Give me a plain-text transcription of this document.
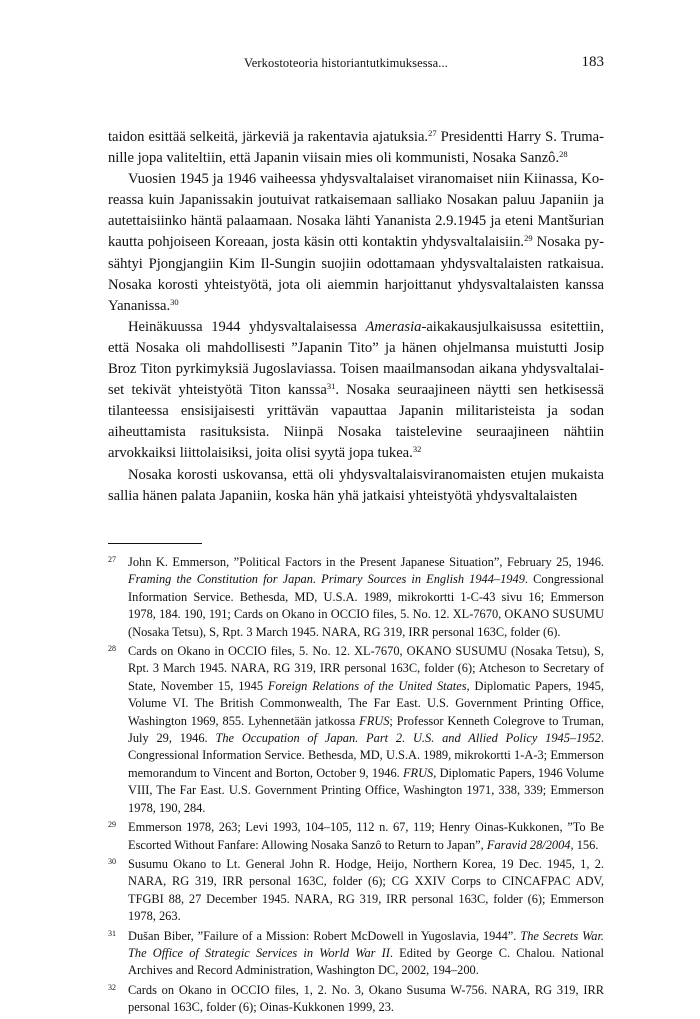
Verkostoteoria historiantutkimuksessa...	183

taidon esittää selkeitä, järkeviä ja rakentavia ajatuksia.$^{27}$ Presidentti Harry S. Trumanille jopa valiteltiin, että Japanin viisain mies oli kommunisti, Nosaka Sanzô.$^{28}$

Vuosien 1945 ja 1946 vaiheessa yhdysvaltalaiset viranomaiset niin Kiinassa, Koreassa kuin Japanissakin joutuivat ratkaisemaan salliako Nosakan paluu Japaniin ja autettaisiinko häntä palaamaan. Nosaka lähti Yananista 2.9.1945 ja eteni Mantšurian kautta pohjoiseen Koreaan, josta käsin otti kontaktin yhdysvaltalaisiin.$^{29}$ Nosaka pysähtyi Pjongjangiin Kim Il-Sungin suojiin odottamaan yhdysvaltalaisten ratkaisua. Nosaka korosti yhteistyötä, jota oli aiemmin harjoittanut yhdysvaltalaisten kanssa Yananissa.$^{30}$

Heinäkuussa 1944 yhdysvaltalaisessa Amerasia-aikakausjulkaisussa esitettiin, että Nosaka oli mahdollisesti ”Japanin Tito” ja hänen ohjelmansa muistutti Josip Broz Titon pyrkimyksiä Jugoslaviassa. Toisen maailmansodan aikana yhdysvaltalaiset tekivät yhteistyötä Titon kanssa$^{31}$. Nosaka seuraajineen näytti sen hetkisessä tilanteessa ensisijaisesti yrittävän vapauttaa Japanin militaristeista ja sodan aiheuttamista rasituksista. Niinpä Nosaka taistelevine seuraajineen nähtiin arvokkaiksi liittolaisiksi, joita olisi syytä jopa tukea.$^{32}$

Nosaka korosti uskovansa, että oli yhdysvaltalaisviranomaisten etujen mukaista sallia hänen palata Japaniin, koska hän yhä jatkaisi yhteistyötä yhdysvaltalaisten

27 John K. Emmerson, ”Political Factors in the Present Japanese Situation”, February 25, 1946. Framing the Constitution for Japan. Primary Sources in English 1944–1949. Congressional Information Service. Bethesda, MD, U.S.A. 1989, mikrokortti 1-C-43 sivu 16; Emmerson 1978, 184. 190, 191; Cards on Okano in OCCIO files, 5. No. 12. XL-7670, OKANO SUSUMU (Nosaka Tetsu), S, Rpt. 3 March 1945. NARA, RG 319, IRR personal 163C, folder (6).
28 Cards on Okano in OCCIO files, 5. No. 12. XL-7670, OKANO SUSUMU (Nosaka Tetsu), S, Rpt. 3 March 1945. NARA, RG 319, IRR personal 163C, folder (6); Atcheson to Secretary of State, November 15, 1945 Foreign Relations of the United States, Diplomatic Papers, 1945, Volume VI. The British Commonwealth, The Far East. U.S. Government Printing Office, Washington 1969, 855. Lyhennetään jatkossa FRUS; Professor Kenneth Colegrove to Truman, July 29, 1946. The Occupation of Japan. Part 2. U.S. and Allied Policy 1945–1952. Congressional Information Service. Bethesda, MD, U.S.A. 1989, mikrokortti 1-A-3; Emmerson memorandum to Vincent and Borton, October 9, 1946. FRUS, Diplomatic Papers, 1946 Volume VIII, The Far East. U.S. Government Printing Office, Washington 1971, 338, 339; Emmerson 1978, 190, 284.
29 Emmerson 1978, 263; Levi 1993, 104–105, 112 n. 67, 119; Henry Oinas-Kukkonen, ”To Be Escorted Without Fanfare: Allowing Nosaka Sanzô to Return to Japan”, Faravid 28/2004, 156.
30 Susumu Okano to Lt. General John R. Hodge, Heijo, Northern Korea, 19 Dec. 1945, 1, 2. NARA, RG 319, IRR personal 163C, folder (6); CG XXIV Corps to CINCAFPAC ADV, TFGBI 88, 27 December 1945. NARA, RG 319, IRR personal 163C, folder (6); Emmerson 1978, 263.
31 Dušan Biber, ”Failure of a Mission: Robert McDowell in Yugoslavia, 1944”. The Secrets War. The Office of Strategic Services in World War II. Edited by George C. Chalou. National Archives and Record Administration, Washington DC, 2002, 194–200.
32 Cards on Okano in OCCIO files, 1, 2. No. 3, Okano Susuma W-756. NARA, RG 319, IRR personal 163C, folder (6); Oinas-Kukkonen 1999, 23.
